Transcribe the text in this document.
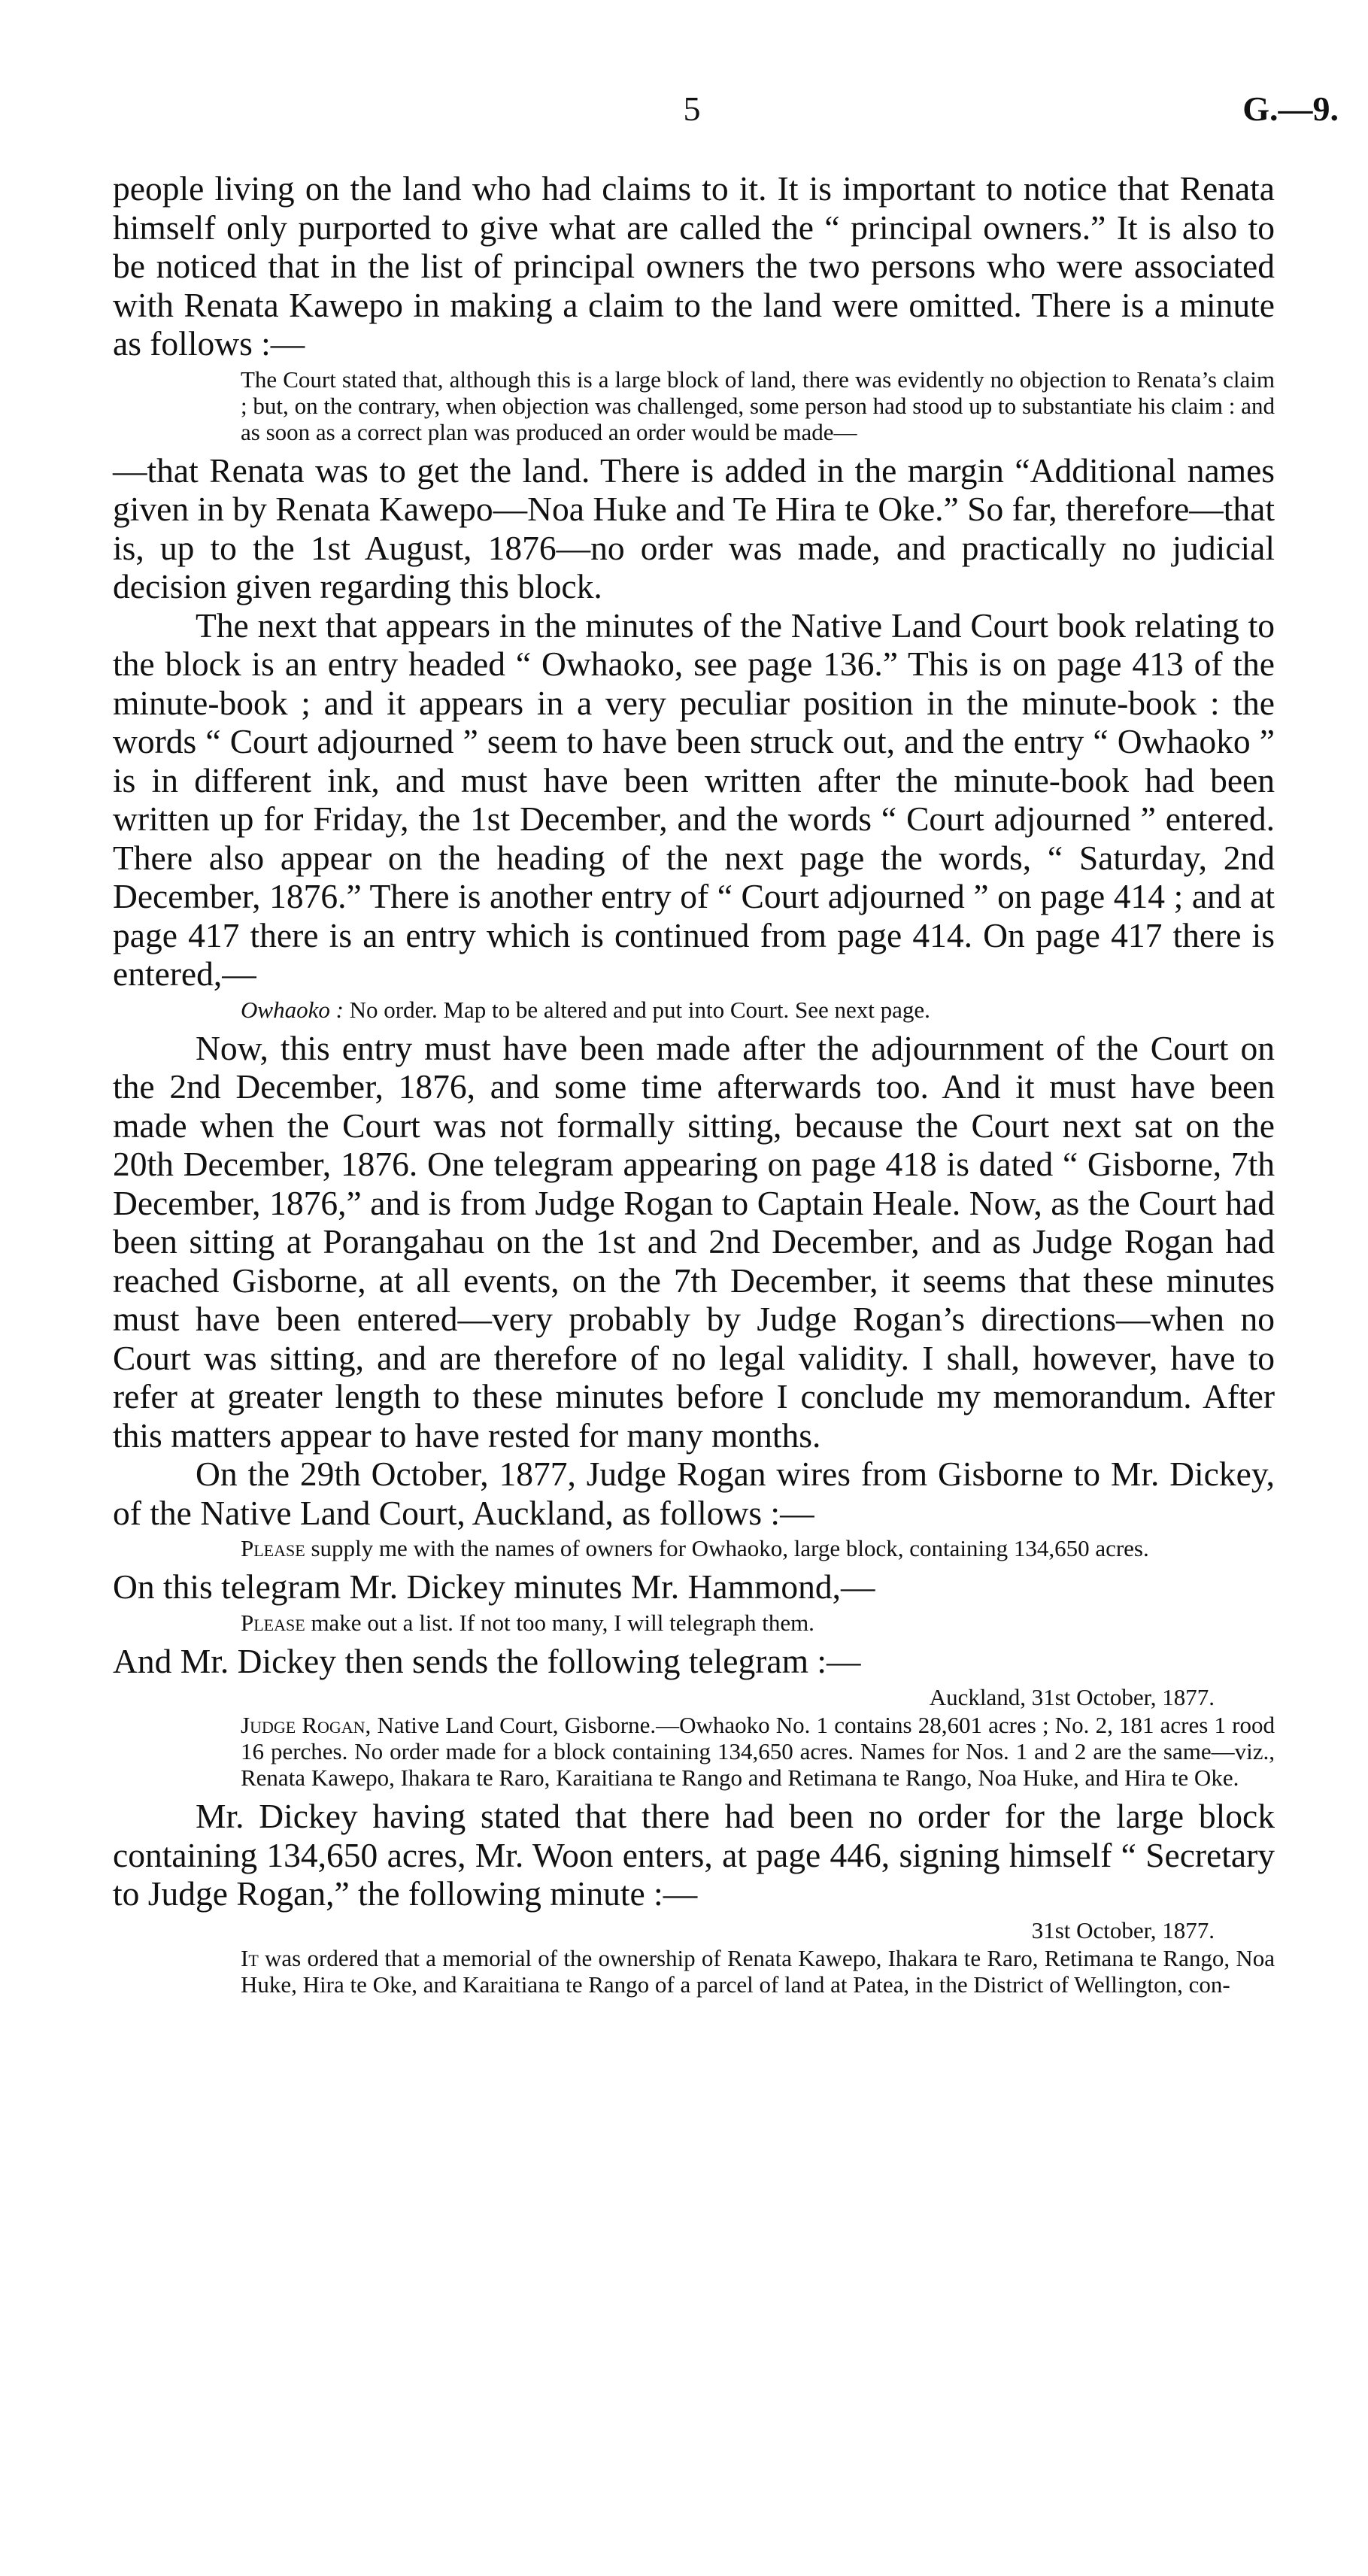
5	G.—9.

people living on the land who had claims to it. It is important to notice that Renata himself only purported to give what are called the “ principal owners.” It is also to be noticed that in the list of principal owners the two persons who were associated with Renata Kawepo in making a claim to the land were omitted. There is a minute as follows :—

The Court stated that, although this is a large block of land, there was evidently no objection to Renata’s claim ; but, on the contrary, when objection was challenged, some person had stood up to substantiate his claim : and as soon as a correct plan was produced an order would be made—

—that Renata was to get the land. There is added in the margin “Additional names given in by Renata Kawepo—Noa Huke and Te Hira te Oke.” So far, therefore—that is, up to the 1st August, 1876—no order was made, and practically no judicial decision given regarding this block.

The next that appears in the minutes of the Native Land Court book relating to the block is an entry headed “ Owhaoko, see page 136.” This is on page 413 of the minute-book ; and it appears in a very peculiar position in the minute-book : the words “ Court adjourned ” seem to have been struck out, and the entry “ Owhaoko ” is in different ink, and must have been written after the minute-book had been written up for Friday, the 1st December, and the words “ Court adjourned ” entered. There also appear on the heading of the next page the words, “ Saturday, 2nd December, 1876.” There is another entry of “ Court adjourned ” on page 414 ; and at page 417 there is an entry which is continued from page 414. On page 417 there is entered,—

Owhaoko : No order. Map to be altered and put into Court. See next page.

Now, this entry must have been made after the adjournment of the Court on the 2nd December, 1876, and some time afterwards too. And it must have been made when the Court was not formally sitting, because the Court next sat on the 20th December, 1876. One telegram appearing on page 418 is dated “ Gisborne, 7th December, 1876,” and is from Judge Rogan to Captain Heale. Now, as the Court had been sitting at Porangahau on the 1st and 2nd December, and as Judge Rogan had reached Gisborne, at all events, on the 7th December, it seems that these minutes must have been entered—very probably by Judge Rogan’s directions—when no Court was sitting, and are therefore of no legal validity. I shall, however, have to refer at greater length to these minutes before I conclude my memorandum. After this matters appear to have rested for many months.

On the 29th October, 1877, Judge Rogan wires from Gisborne to Mr. Dickey, of the Native Land Court, Auckland, as follows :—

Please supply me with the names of owners for Owhaoko, large block, containing 134,650 acres.

On this telegram Mr. Dickey minutes Mr. Hammond,—

Please make out a list. If not too many, I will telegraph them.

And Mr. Dickey then sends the following telegram :—

Auckland, 31st October, 1877.

Judge Rogan, Native Land Court, Gisborne.—Owhaoko No. 1 contains 28,601 acres ; No. 2, 181 acres 1 rood 16 perches. No order made for a block containing 134,650 acres. Names for Nos. 1 and 2 are the same—viz., Renata Kawepo, Ihakara te Raro, Karaitiana te Rango and Retimana te Rango, Noa Huke, and Hira te Oke.

Mr. Dickey having stated that there had been no order for the large block containing 134,650 acres, Mr. Woon enters, at page 446, signing himself “ Secretary to Judge Rogan,” the following minute :—

31st October, 1877.

It was ordered that a memorial of the ownership of Renata Kawepo, Ihakara te Raro, Retimana te Rango, Noa Huke, Hira te Oke, and Karaitiana te Rango of a parcel of land at Patea, in the District of Wellington, con-
